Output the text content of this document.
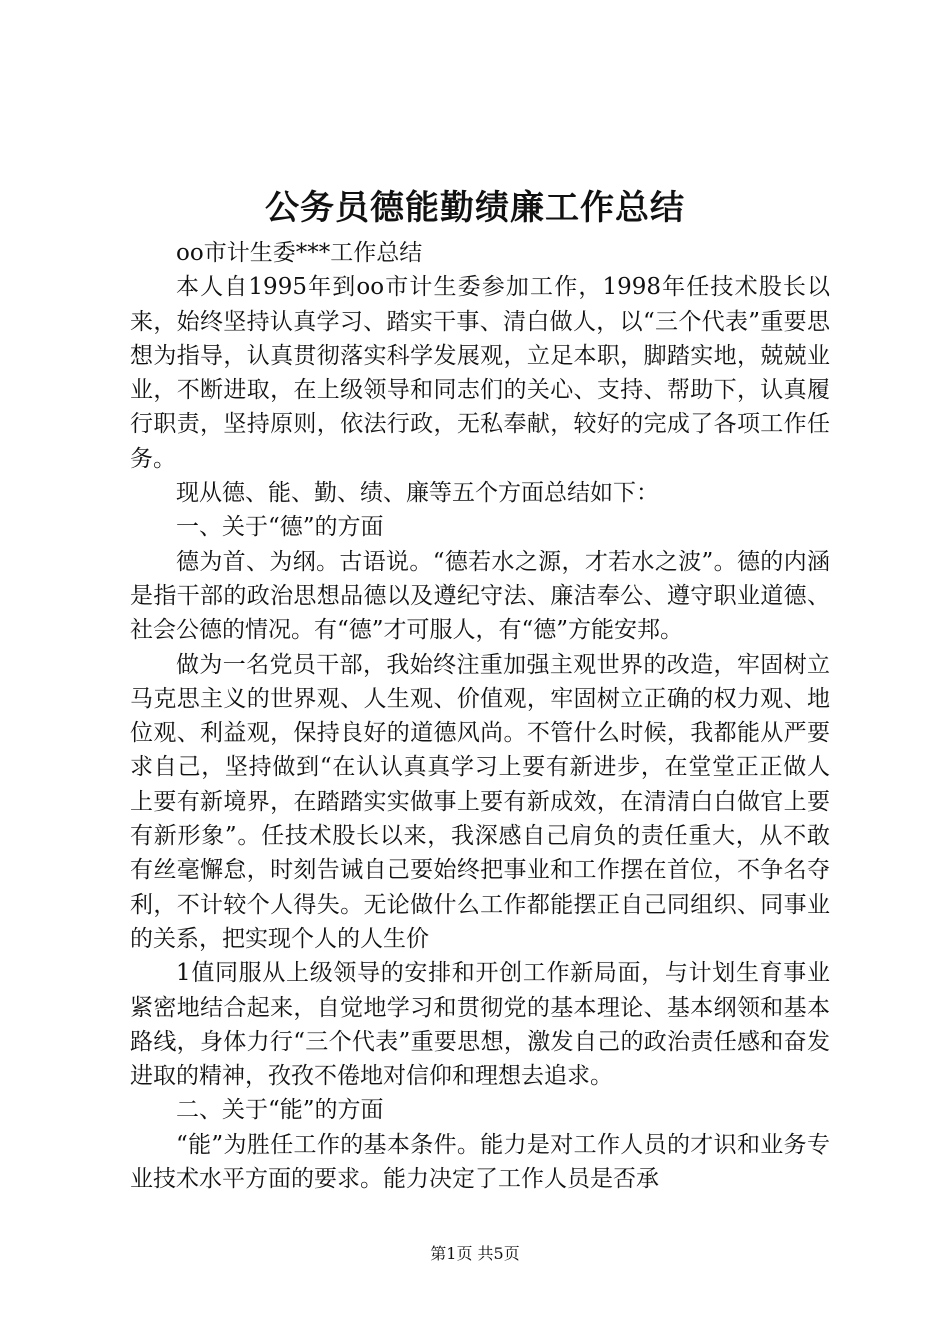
公务员德能勤绩廉工作总结

oo市计生委***工作总结

本人自1995年到oo市计生委参加工作，1998年任技术股长以来，始终坚持认真学习、踏实干事、清白做人，以“三个代表”重要思想为指导，认真贯彻落实科学发展观，立足本职，脚踏实地，兢兢业业，不断进取，在上级领导和同志们的关心、支持、帮助下，认真履行职责，坚持原则，依法行政，无私奉献，较好的完成了各项工作任务。

现从德、能、勤、绩、廉等五个方面总结如下：

一、关于“德”的方面

德为首、为纲。古语说。“德若水之源，才若水之波”。德的内涵是指干部的政治思想品德以及遵纪守法、廉洁奉公、遵守职业道德、社会公德的情况。有“德”才可服人，有“德”方能安邦。

做为一名党员干部，我始终注重加强主观世界的改造，牢固树立马克思主义的世界观、人生观、价值观，牢固树立正确的权力观、地位观、利益观，保持良好的道德风尚。不管什么时候，我都能从严要求自己，坚持做到“在认认真真学习上要有新进步，在堂堂正正做人上要有新境界，在踏踏实实做事上要有新成效，在清清白白做官上要有新形象”。任技术股长以来，我深感自己肩负的责任重大，从不敢有丝毫懈怠，时刻告诫自己要始终把事业和工作摆在首位，不争名夺利，不计较个人得失。无论做什么工作都能摆正自己同组织、同事业的关系，把实现个人的人生价

1值同服从上级领导的安排和开创工作新局面，与计划生育事业紧密地结合起来，自觉地学习和贯彻党的基本理论、基本纲领和基本路线，身体力行“三个代表”重要思想，激发自己的政治责任感和奋发进取的精神，孜孜不倦地对信仰和理想去追求。

二、关于“能”的方面

“能”为胜任工作的基本条件。能力是对工作人员的才识和业务专业技术水平方面的要求。能力决定了工作人员是否承

第1页 共5页
